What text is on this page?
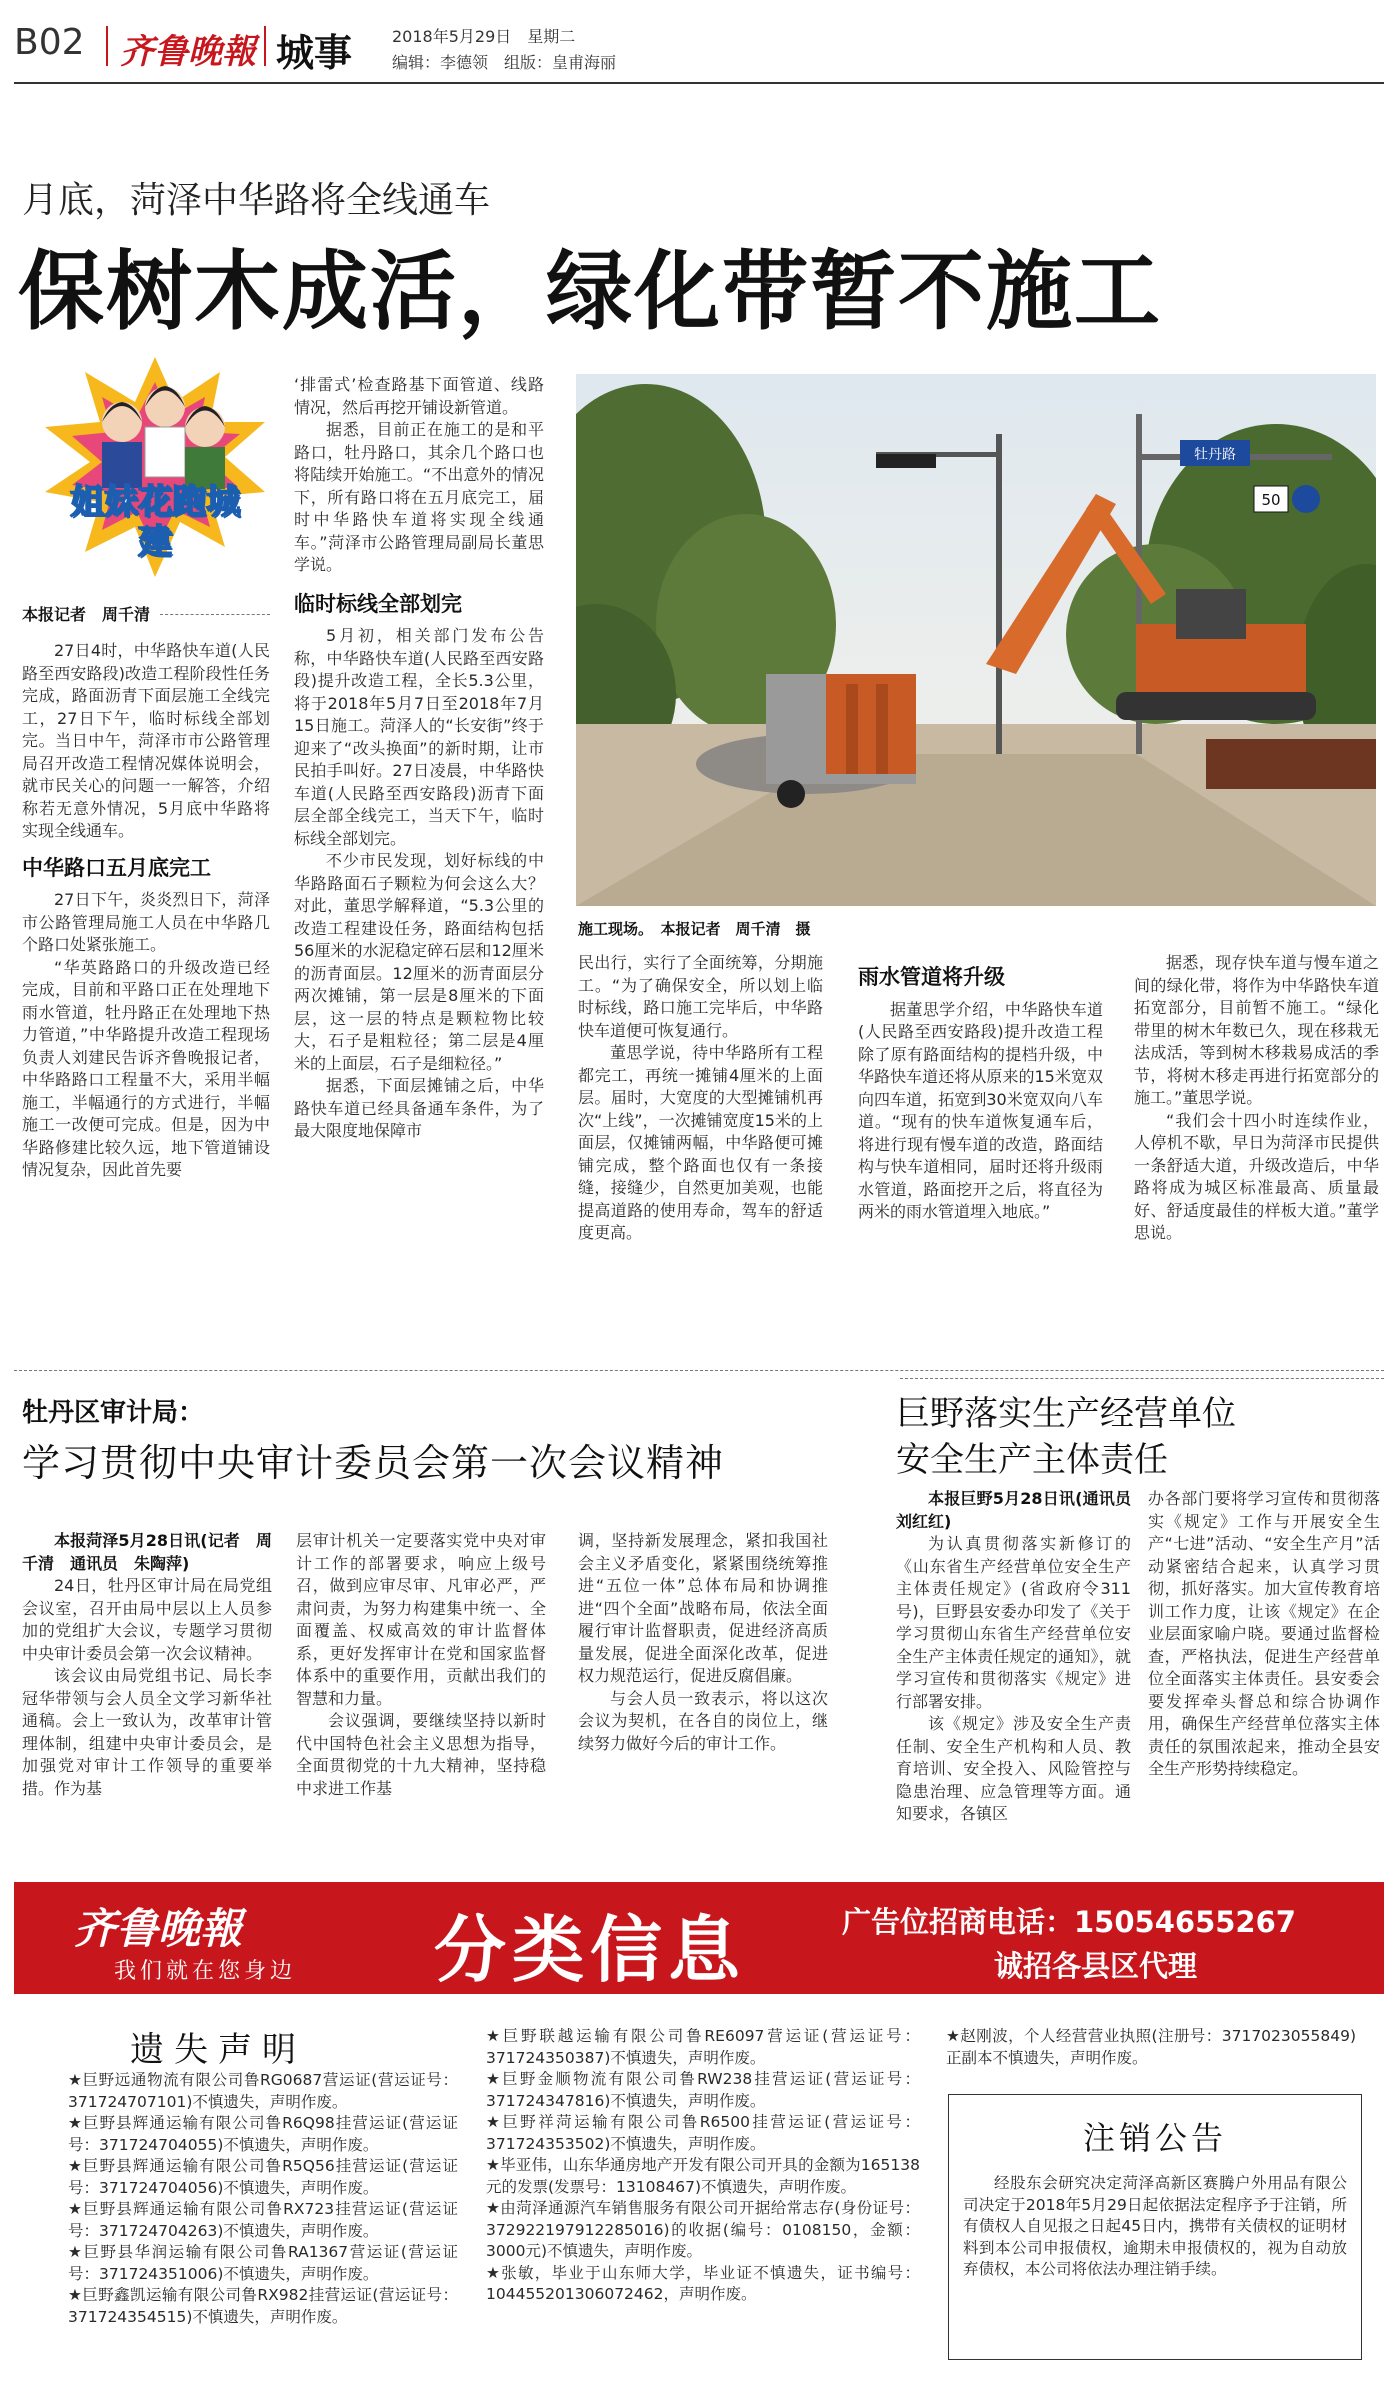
B02 齐鲁晚報 城事 2018年5月29日　星期二
编辑：李德领　组版：皇甫海丽
月底，菏泽中华路将全线通车
保树木成活，绿化带暂不施工
姐妹花跑城建
本报记者　周千清

27日4时，中华路快车道(人民路至西安路段)改造工程阶段性任务完成，路面沥青下面层施工全线完工，27日下午，临时标线全部划完。当日中午，菏泽市市公路管理局召开改造工程情况媒体说明会，就市民关心的问题一一解答，介绍称若无意外情况，5月底中华路将实现全线通车。

中华路口五月底完工

27日下午，炎炎烈日下，菏泽市公路管理局施工人员在中华路几个路口处紧张施工。

“华英路路口的升级改造已经完成，目前和平路口正在处理地下雨水管道，牡丹路正在处理地下热力管道，”中华路提升改造工程现场负责人刘建民告诉齐鲁晚报记者，中华路路口工程量不大，采用半幅施工，半幅通行的方式进行，半幅施工一改便可完成。但是，因为中华路修建比较久远，地下管道铺设情况复杂，因此首先要

‘排雷式’检查路基下面管道、线路情况，然后再挖开铺设新管道。

据悉，目前正在施工的是和平路口，牡丹路口，其余几个路口也将陆续开始施工。“不出意外的情况下，所有路口将在五月底完工，届时中华路快车道将实现全线通车。”菏泽市公路管理局副局长董思学说。

临时标线全部划完

5月初，相关部门发布公告称，中华路快车道(人民路至西安路段)提升改造工程，全长5.3公里，将于2018年5月7日至2018年7月15日施工。菏泽人的“长安街”终于迎来了“改头换面”的新时期，让市民拍手叫好。27日凌晨，中华路快车道(人民路至西安路段)沥青下面层全部全线完工，当天下午，临时标线全部划完。

不少市民发现，划好标线的中华路路面石子颗粒为何会这么大？对此，董思学解释道，“5.3公里的改造工程建设任务，路面结构包括56厘米的水泥稳定碎石层和12厘米的沥青面层。12厘米的沥青面层分两次摊铺，第一层是8厘米的下面层，这一层的特点是颗粒物比较大，石子是粗粒径；第二层是4厘米的上面层，石子是细粒径。”

据悉，下面层摊铺之后，中华路快车道已经具备通车条件，为了最大限度地保障市

牡丹路
50
施工现场。　本报记者　周千清　摄

民出行，实行了全面统筹，分期施工。“为了确保安全，所以划上临时标线，路口施工完毕后，中华路快车道便可恢复通行。

董思学说，待中华路所有工程都完工，再统一摊铺4厘米的上面层。届时，大宽度的大型摊铺机再次“上线”，一次摊铺宽度15米的上面层，仅摊铺两幅，中华路便可摊铺完成，整个路面也仅有一条接缝，接缝少，自然更加美观，也能提高道路的使用寿命，驾车的舒适度更高。

雨水管道将升级

据董思学介绍，中华路快车道(人民路至西安路段)提升改造工程除了原有路面结构的提档升级，中华路快车道还将从原来的15米宽双向四车道，拓宽到30米宽双向八车道。“现有的快车道恢复通车后，将进行现有慢车道的改造，路面结构与快车道相同，届时还将升级雨水管道，路面挖开之后，将直径为两米的雨水管道埋入地底。”

据悉，现存快车道与慢车道之间的绿化带，将作为中华路快车道拓宽部分，目前暂不施工。“绿化带里的树木年数已久，现在移栽无法成活，等到树木移栽易成活的季节，将树木移走再进行拓宽部分的施工。”董思学说。

“我们会十四小时连续作业，人停机不歇，早日为菏泽市民提供一条舒适大道，升级改造后，中华路将成为城区标准最高、质量最好、舒适度最佳的样板大道。”董学思说。

牡丹区审计局：
学习贯彻中央审计委员会第一次会议精神

本报菏泽5月28日讯(记者　周千清　通讯员　朱陶萍)

24日，牡丹区审计局在局党组会议室，召开由局中层以上人员参加的党组扩大会议，专题学习贯彻中央审计委员会第一次会议精神。

该会议由局党组书记、局长李冠华带领与会人员全文学习新华社通稿。会上一致认为，改革审计管理体制，组建中央审计委员会，是加强党对审计工作领导的重要举措。作为基

层审计机关一定要落实党中央对审计工作的部署要求，响应上级号召，做到应审尽审、凡审必严，严肃问责，为努力构建集中统一、全面覆盖、权威高效的审计监督体系，更好发挥审计在党和国家监督体系中的重要作用，贡献出我们的智慧和力量。

会议强调，要继续坚持以新时代中国特色社会主义思想为指导，全面贯彻党的十九大精神，坚持稳中求进工作基

调，坚持新发展理念，紧扣我国社会主义矛盾变化，紧紧围绕统筹推进“五位一体”总体布局和协调推进“四个全面”战略布局，依法全面履行审计监督职责，促进经济高质量发展，促进全面深化改革，促进权力规范运行，促进反腐倡廉。

与会人员一致表示，将以这次会议为契机，在各自的岗位上，继续努力做好今后的审计工作。

巨野落实生产经营单位
安全生产主体责任

本报巨野5月28日讯(通讯员　刘红红)

为认真贯彻落实新修订的《山东省生产经营单位安全生产主体责任规定》(省政府令311号)，巨野县安委办印发了《关于学习贯彻山东省生产经营单位安全生产主体责任规定的通知》，就学习宣传和贯彻落实《规定》进行部署安排。

该《规定》涉及安全生产责任制、安全生产机构和人员、教育培训、安全投入、风险管控与隐患治理、应急管理等方面。通知要求，各镇区

办各部门要将学习宣传和贯彻落实《规定》工作与开展安全生产“七进”活动、“安全生产月”活动紧密结合起来，认真学习贯彻，抓好落实。加大宣传教育培训工作力度，让该《规定》在企业层面家喻户晓。要通过监督检查，严格执法，促进生产经营单位全面落实主体责任。县安委会要发挥牵头督总和综合协调作用，确保生产经营单位落实主体责任的氛围浓起来，推动全县安全生产形势持续稳定。

齐鲁晚報
我们就在您身边 分类信息	广告位招商电话：15054655267
诚招各县区代理
遗失声明

★巨野远通物流有限公司鲁RG0687营运证(营运证号：371724707101)不慎遗失，声明作废。

★巨野县辉通运输有限公司鲁R6Q98挂营运证(营运证号：371724704055)不慎遗失，声明作废。

★巨野县辉通运输有限公司鲁R5Q56挂营运证(营运证号：371724704056)不慎遗失，声明作废。

★巨野县辉通运输有限公司鲁RX723挂营运证(营运证号：371724704263)不慎遗失，声明作废。

★巨野县华润运输有限公司鲁RA1367营运证(营运证号：371724351006)不慎遗失，声明作废。

★巨野鑫凯运输有限公司鲁RX982挂营运证(营运证号：371724354515)不慎遗失，声明作废。

★巨野联越运输有限公司鲁RE6097营运证(营运证号：371724350387)不慎遗失，声明作废。

★巨野金顺物流有限公司鲁RW238挂营运证(营运证号：371724347816)不慎遗失，声明作废。

★巨野祥菏运输有限公司鲁R6500挂营运证(营运证号：371724353502)不慎遗失，声明作废。

★毕亚伟，山东华通房地产开发有限公司开具的金额为165138元的发票(发票号：13108467)不慎遗失，声明作废。

★由菏泽通源汽车销售服务有限公司开据给常志存(身份证号：372922197912285016)的收据(编号：0108150，金额：3000元)不慎遗失，声明作废。

★张敏，毕业于山东师大学，毕业证不慎遗失，证书编号：104455201306072462，声明作废。

★赵刚波，个人经营营业执照(注册号：3717023055849)正副本不慎遗失，声明作废。

注销公告

经股东会研究决定菏泽高新区赛腾户外用品有限公司决定于2018年5月29日起依据法定程序予于注销，所有债权人自见报之日起45日内，携带有关债权的证明材料到本公司申报债权，逾期未申报债权的，视为自动放弃债权，本公司将依法办理注销手续。
